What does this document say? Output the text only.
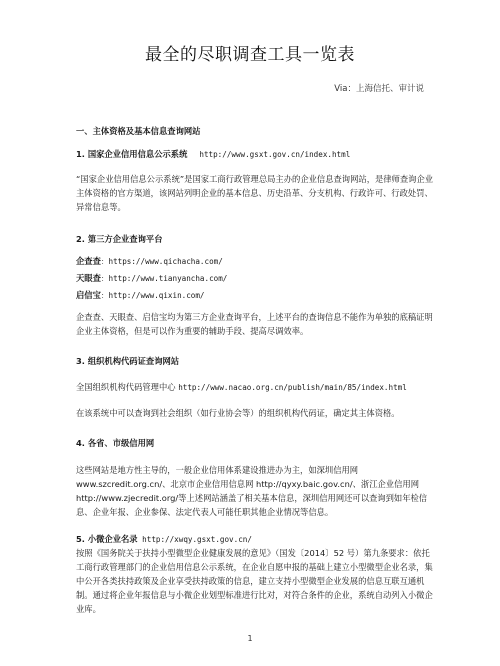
最全的尽职调查工具一览表
Via：上海信托、审计说
一、主体资格及基本信息查询网站
1. 国家企业信用信息公示系统 http://www.gsxt.gov.cn/index.html
“国家企业信用信息公示系统”是国家工商行政管理总局主办的企业信息查询网站，是律师查询企业主体资格的官方渠道，该网站列明企业的基本信息、历史沿革、分支机构、行政许可、行政处罚、异常信息等。
2. 第三方企业查询平台
企查查：https://www.qichacha.com/
天眼查：http://www.tianyancha.com/
启信宝：http://www.qixin.com/
企查查、天眼查、启信宝均为第三方企业查询平台，上述平台的查询信息不能作为单独的底稿证明企业主体资格，但是可以作为重要的辅助手段、提高尽调效率。
3. 组织机构代码证查询网站
全国组织机构代码管理中心 http://www.nacao.org.cn/publish/main/85/index.html
在该系统中可以查询到社会组织（如行业协会等）的组织机构代码证，确定其主体资格。
4. 各省、市级信用网
这些网站是地方性主导的，一般企业信用体系建设推进办为主，如深圳信用网 www.szcredit.org.cn/、北京市企业信用信息网 http://qyxy.baic.gov.cn/、浙江企业信用网 http://www.zjecredit.org/等上述网站涵盖了相关基本信息，深圳信用网还可以查询到如年检信息、企业年报、企业参保、法定代表人可能任职其他企业情况等信息。
5. 小微企业名录 http://xwqy.gsxt.gov.cn/
按照《国务院关于扶持小型微型企业健康发展的意见》（国发〔2014〕52 号）第九条要求：依托工商行政管理部门的企业信用信息公示系统，在企业自愿申报的基础上建立小型微型企业名录，集中公开各类扶持政策及企业享受扶持政策的信息，建立支持小型微型企业发展的信息互联互通机制。通过将企业年报信息与小微企业划型标准进行比对，对符合条件的企业，系统自动列入小微企业库。
1
